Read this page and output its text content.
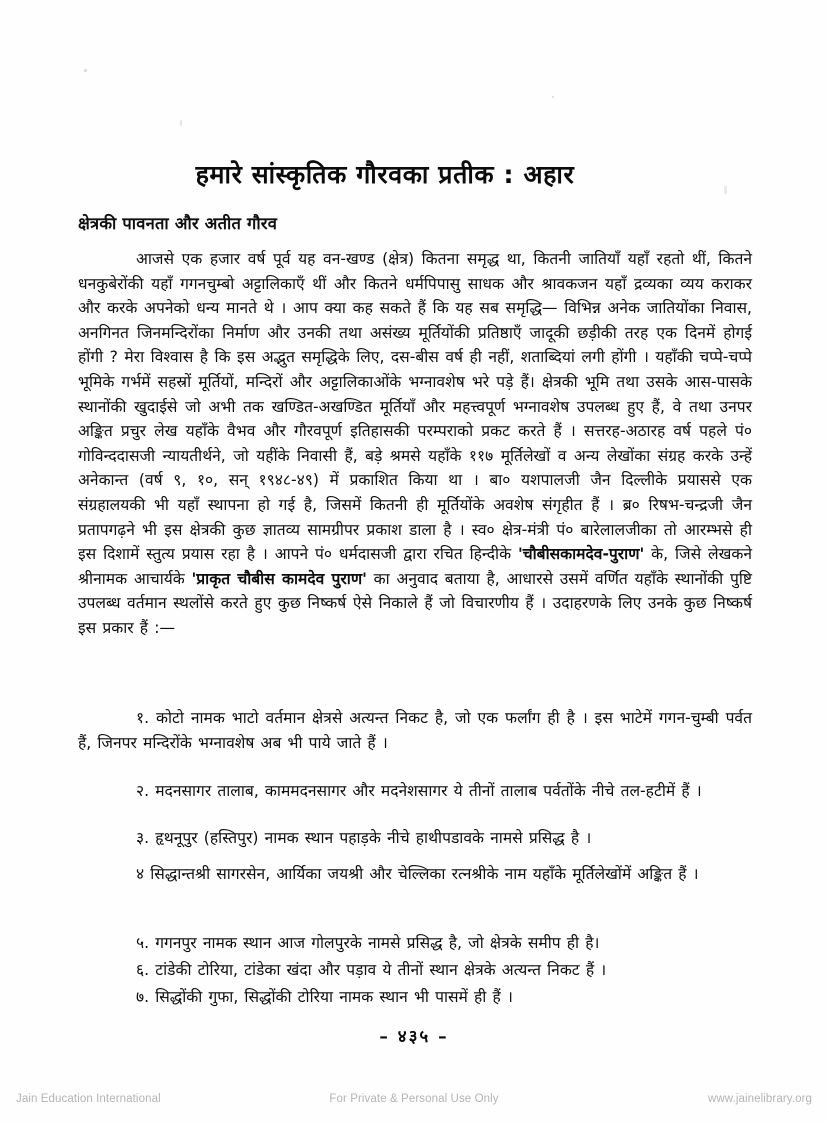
हमारे सांस्कृतिक गौरवका प्रतीक : अहार
क्षेत्रकी पावनता और अतीत गौरव
आजसे एक हजार वर्ष पूर्व यह वन-खण्ड (क्षेत्र) कितना समृद्ध था, कितनी जातियाँ यहाँ रहतो थीं, कितने धनकुबेरोंकी यहाँ गगनचुम्बो अट्टालिकाएँ थीं और कितने धर्मपिपासु साधक और श्रावकजन यहाँ द्रव्यका व्यय कराकर और करके अपनेको धन्य मानते थे । आप क्या कह सकते हैं कि यह सब समृद्धि— विभिन्न अनेक जातियोंका निवास, अनगिनत जिनमन्दिरोंका निर्माण और उनकी तथा असंख्य मूर्तियोंकी प्रतिष्ठाएँ जादूकी छड़ीकी तरह एक दिनमें होगई होंगी ? मेरा विश्वास है कि इस अद्भुत समृद्धिके लिए, दस-बीस वर्ष ही नहीं, शताब्दियां लगी होंगी । यहाँकी चप्पे-चप्पे भूमिके गर्भमें सहस्रों मूर्तियों, मन्दिरों और अट्टालिकाओंके भग्नावशेष भरे पड़े हैं। क्षेत्रकी भूमि तथा उसके आस-पासके स्थानोंकी खुदाईसे जो अभी तक खण्डित-अखण्डित मूर्तियाँ और महत्त्वपूर्ण भग्नावशेष उपलब्ध हुए हैं, वे तथा उनपर अङ्कित प्रचुर लेख यहाँके वैभव और गौरवपूर्ण इतिहासकी परम्पराको प्रकट करते हैं । सत्तरह-अठारह वर्ष पहले पं० गोविन्ददासजी न्यायतीर्थने, जो यहींके निवासी हैं, बड़े श्रमसे यहाँके ११७ मूर्तिलेखों व अन्य लेखोंका संग्रह करके उन्हें अनेकान्त (वर्ष ९, १०, सन् १९४८-४९) में प्रकाशित किया था । बा० यशपालजी जैन दिल्लीके प्रयाससे एक संग्रहालयकी भी यहाँ स्थापना हो गई है, जिसमें कितनी ही मूर्तियोंके अवशेष संगृहीत हैं । ब्र० रिषभ-चन्द्रजी जैन प्रतापगढ़ने भी इस क्षेत्रकी कुछ ज्ञातव्य सामग्रीपर प्रकाश डाला है । स्व० क्षेत्र-मंत्री पं० बारेलालजीका तो आरम्भसे ही इस दिशामें स्तुत्य प्रयास रहा है । आपने पं० धर्मदासजी द्वारा रचित हिन्दीके 'चौबीसकामदेव-पुराण' के, जिसे लेखकने श्रीनामक आचार्यके 'प्राकृत चौबीस कामदेव पुराण' का अनुवाद बताया है, आधारसे उसमें वर्णित यहाँके स्थानोंकी पुष्टि उपलब्ध वर्तमान स्थलोंसे करते हुए कुछ निष्कर्ष ऐसे निकाले हैं जो विचारणीय हैं । उदाहरणके लिए उनके कुछ निष्कर्ष इस प्रकार हैं :—
१. कोटो नामक भाटो वर्तमान क्षेत्रसे अत्यन्त निकट है, जो एक फर्लांग ही है । इस भाटेमें गगन-चुम्बी पर्वत हैं, जिनपर मन्दिरोंके भग्नावशेष अब भी पाये जाते हैं ।
२. मदनसागर तालाब, काममदनसागर और मदनेशसागर ये तीनों तालाब पर्वतोंके नीचे तल-हटीमें हैं ।
३. हृथनूपुर (हस्तिपुर) नामक स्थान पहाड़के नीचे हाथीपडावके नामसे प्रसिद्ध है ।
४ सिद्धान्तश्री सागरसेन, आर्यिका जयश्री और चेल्लिका रत्नश्रीके नाम यहाँके मूर्तिलेखोंमें अङ्कित हैं ।
५. गगनपुर नामक स्थान आज गोलपुरके नामसे प्रसिद्ध है, जो क्षेत्रके समीप ही है।
६. टांडेकी टोरिया, टांडेका खंदा और पड़ाव ये तीनों स्थान क्षेत्रके अत्यन्त निकट हैं ।
७. सिद्धोंकी गुफा, सिद्धोंकी टोरिया नामक स्थान भी पासमें ही हैं ।
– ४३५ –
Jain Education International	For Private & Personal Use Only	www.jainelibrary.org
